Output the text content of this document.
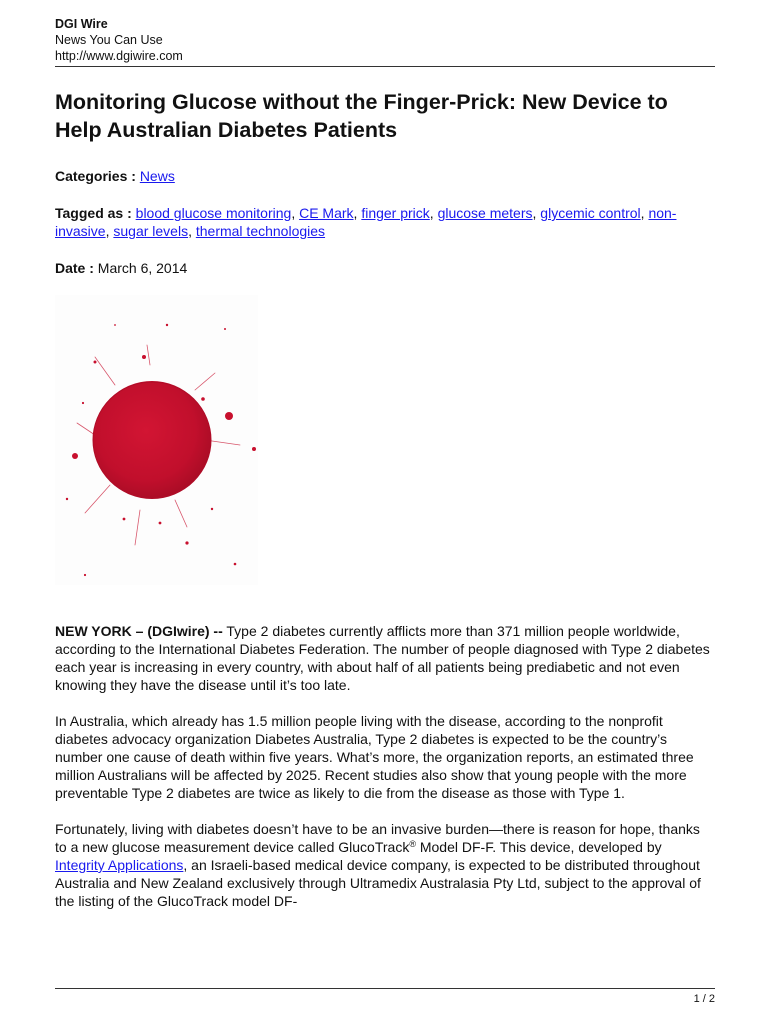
DGI Wire
News You Can Use
http://www.dgiwire.com
Monitoring Glucose without the Finger-Prick: New Device to Help Australian Diabetes Patients
Categories : News
Tagged as : blood glucose monitoring, CE Mark, finger prick, glucose meters, glycemic control, non-invasive, sugar levels, thermal technologies
Date : March 6, 2014

NEW YORK – (DGIwire) -- Type 2 diabetes currently afflicts more than 371 million people worldwide, according to the International Diabetes Federation. The number of people diagnosed with Type 2 diabetes each year is increasing in every country, with about half of all patients being prediabetic and not even knowing they have the disease until it’s too late.

In Australia, which already has 1.5 million people living with the disease, according to the nonprofit diabetes advocacy organization Diabetes Australia, Type 2 diabetes is expected to be the country’s number one cause of death within five years. What’s more, the organization reports, an estimated three million Australians will be affected by 2025. Recent studies also show that young people with the more preventable Type 2 diabetes are twice as likely to die from the disease as those with Type 1.

Fortunately, living with diabetes doesn’t have to be an invasive burden—there is reason for hope, thanks to a new glucose measurement device called GlucoTrack® Model DF-F. This device, developed by Integrity Applications, an Israeli-based medical device company, is expected to be distributed throughout Australia and New Zealand exclusively through Ultramedix Australasia Pty Ltd, subject to the approval of the listing of the GlucoTrack model DF-

1 / 2
